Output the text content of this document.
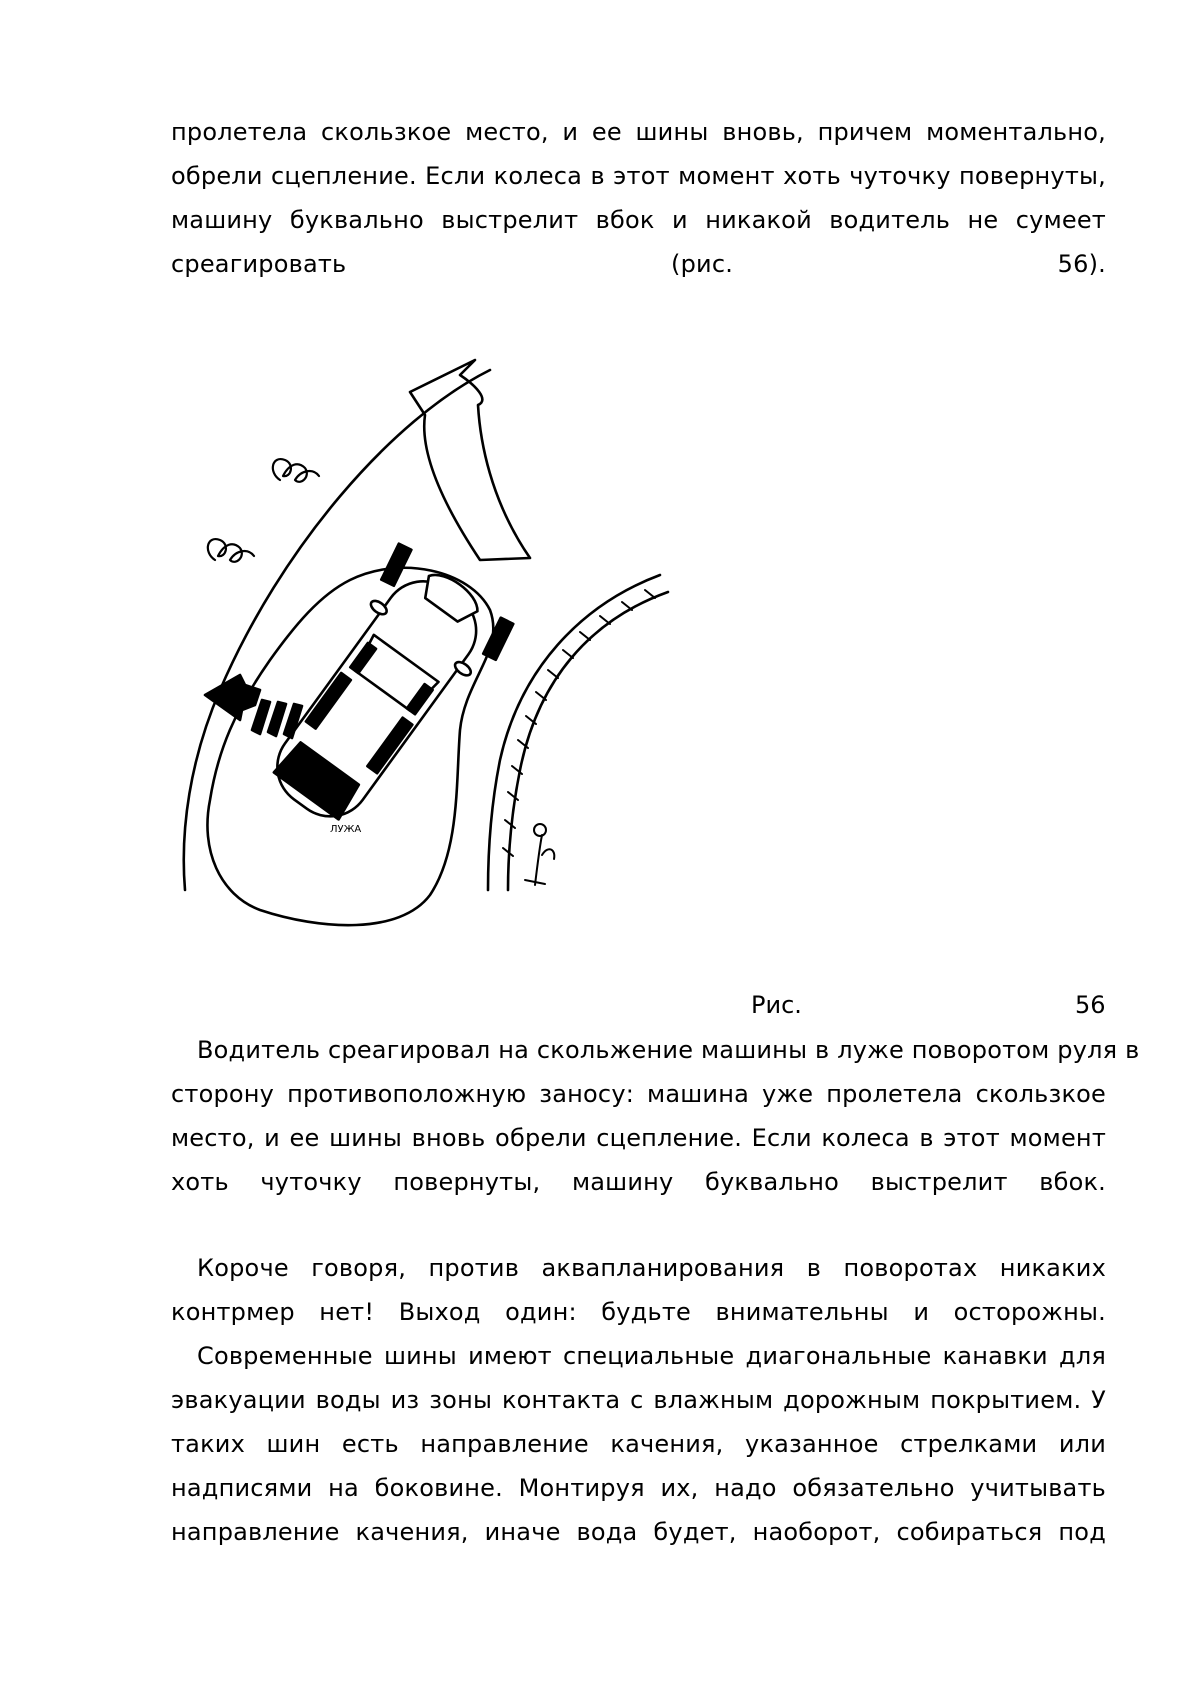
пролетела скользкое место, и ее шины вновь, причем моментально,
обрели сцепление. Если колеса в этот момент хоть чуточку повернуты,
машину буквально выстрелит вбок и никакой водитель не сумеет
среагировать (рис. 56).
ЛУЖА
Рис.	56
Водитель среагировал на скольжение машины в луже поворотом руля в
сторону противоположную заносу: машина уже пролетела скользкое
место, и ее шины вновь обрели сцепление. Если колеса в этот момент
хоть чуточку повернуты, машину буквально выстрелит вбок.
Короче говоря, против аквапланирования в поворотах никаких
контрмер нет! Выход один: будьте внимательны и осторожны.
Современные шины имеют специальные диагональные канавки для
эвакуации воды из зоны контакта с влажным дорожным покрытием. У
таких шин есть направление качения, указанное стрелками или
надписями на боковине. Монтируя их, надо обязательно учитывать
направление качения, иначе вода будет, наоборот, собираться под
